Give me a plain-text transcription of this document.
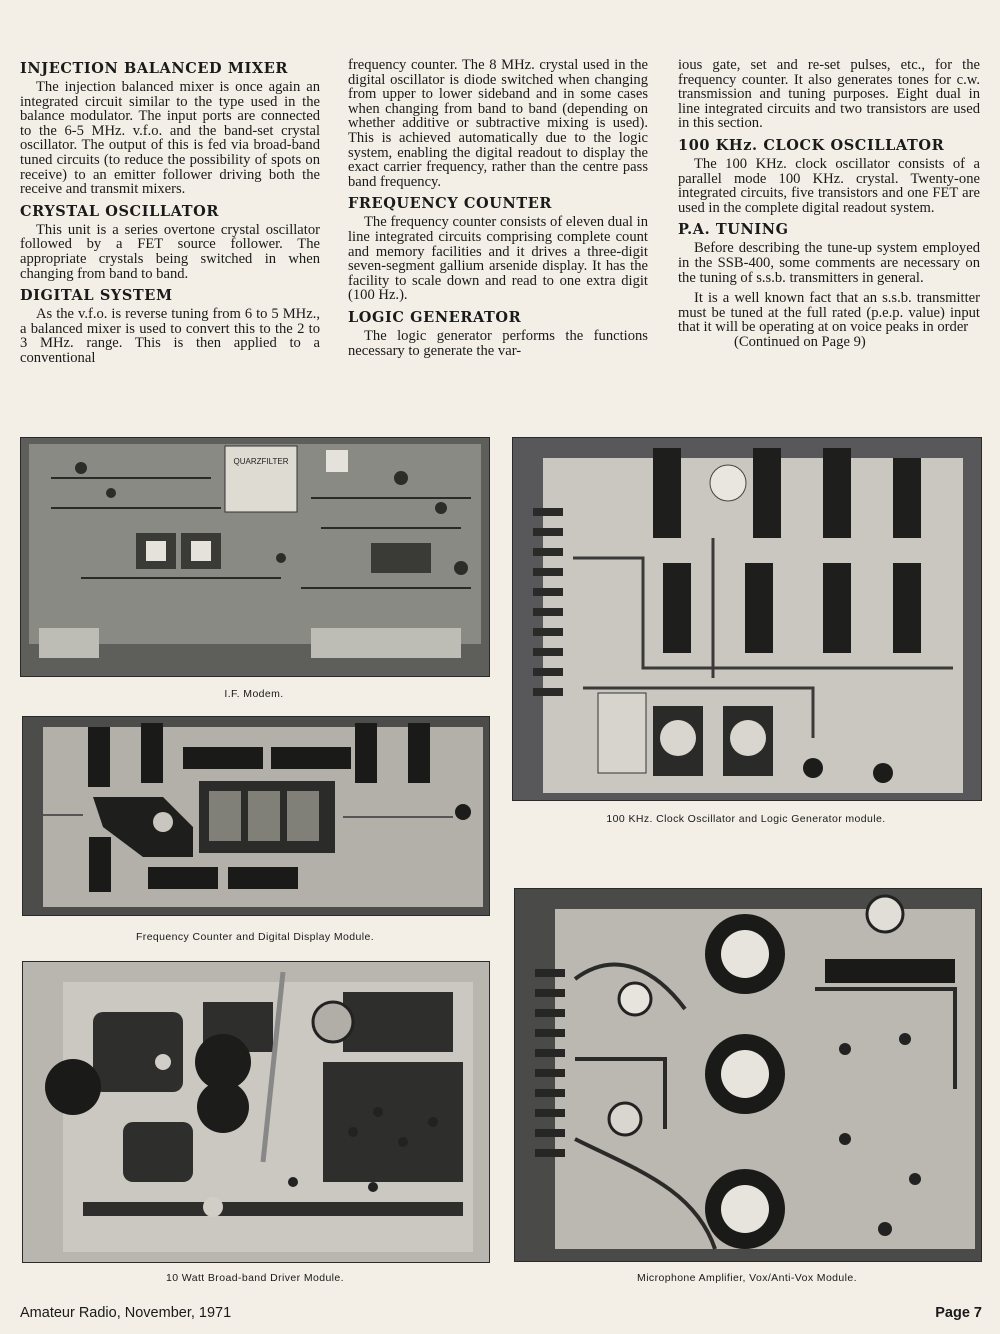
INJECTION BALANCED MIXER

The injection balanced mixer is once again an integrated circuit similar to the type used in the balance modulator. The input ports are connected to the 6-5 MHz. v.f.o. and the band-set crystal oscillator. The output of this is fed via broad-band tuned circuits (to reduce the possibility of spots on receive) to an emitter follower driving both the receive and transmit mixers.

CRYSTAL OSCILLATOR

This unit is a series overtone crystal oscillator followed by a FET source follower. The appropriate crystals being switched in when changing from band to band.

DIGITAL SYSTEM

As the v.f.o. is reverse tuning from 6 to 5 MHz., a balanced mixer is used to convert this to the 2 to 3 MHz. range. This is then applied to a conventional

frequency counter. The 8 MHz. crystal used in the digital oscillator is diode switched when changing from upper to lower sideband and in some cases when changing from band to band (depending on whether additive or subtractive mixing is used). This is achieved automatically due to the logic system, enabling the digital readout to display the exact carrier frequency, rather than the centre pass band frequency.

FREQUENCY COUNTER

The frequency counter consists of eleven dual in line integrated circuits comprising complete count and memory facilities and it drives a three-digit seven-segment gallium arsenide display. It has the facility to scale down and read to one extra digit (100 Hz.).

LOGIC GENERATOR

The logic generator performs the functions necessary to generate the var-

ious gate, set and re-set pulses, etc., for the frequency counter. It also generates tones for c.w. transmission and tuning purposes. Eight dual in line integrated circuits and two transistors are used in this section.

100 KHz. CLOCK OSCILLATOR

The 100 KHz. clock oscillator consists of a parallel mode 100 KHz. crystal. Twenty-one integrated circuits, five transistors and one FET are used in the complete digital readout system.

P.A. TUNING

Before describing the tune-up system employed in the SSB-400, some comments are necessary on the tuning of s.s.b. transmitters in general.

It is a well known fact that an s.s.b. transmitter must be tuned at the full rated (p.e.p. value) input that it will be operating at on voice peaks in order

(Continued on Page 9)

QUARZFILTER
I.F. Modem.
100 KHz. Clock Oscillator and Logic Generator module.
Frequency Counter and Digital Display Module.
10 Watt Broad-band Driver Module.	Microphone Amplifier, Vox/Anti-Vox Module.
Amateur Radio, November, 1971	Page 7
